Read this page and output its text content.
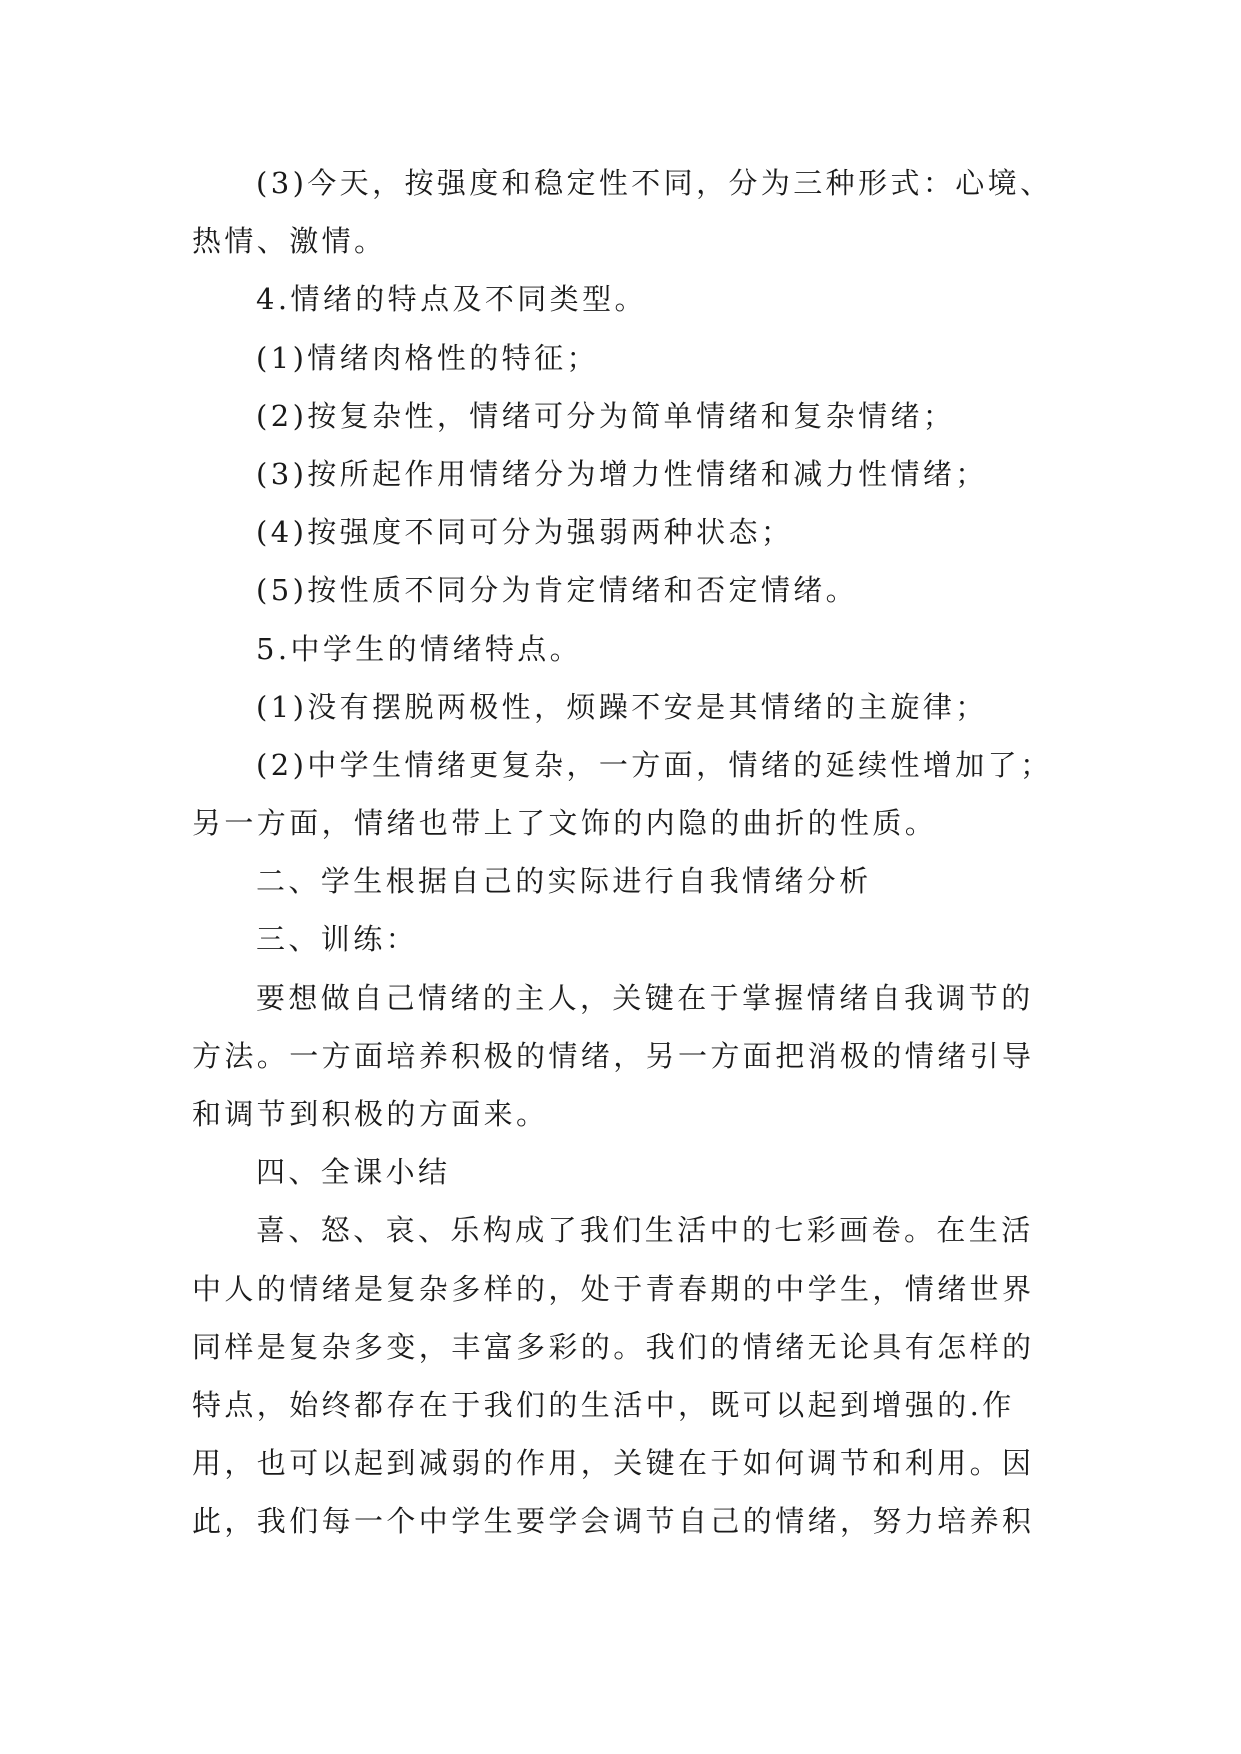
(3)今天，按强度和稳定性不同，分为三种形式：心境、
热情、激情。
4.情绪的特点及不同类型。
(1)情绪肉格性的特征；
(2)按复杂性，情绪可分为简单情绪和复杂情绪；
(3)按所起作用情绪分为增力性情绪和减力性情绪；
(4)按强度不同可分为强弱两种状态；
(5)按性质不同分为肯定情绪和否定情绪。
5.中学生的情绪特点。
(1)没有摆脱两极性，烦躁不安是其情绪的主旋律；
(2)中学生情绪更复杂，一方面，情绪的延续性增加了；
另一方面，情绪也带上了文饰的内隐的曲折的性质。
二、学生根据自己的实际进行自我情绪分析
三、训练：
要想做自己情绪的主人，关键在于掌握情绪自我调节的
方法。一方面培养积极的情绪，另一方面把消极的情绪引导
和调节到积极的方面来。
四、全课小结
喜、怒、哀、乐构成了我们生活中的七彩画卷。在生活
中人的情绪是复杂多样的，处于青春期的中学生，情绪世界
同样是复杂多变，丰富多彩的。我们的情绪无论具有怎样的
特点，始终都存在于我们的生活中，既可以起到增强的.作
用，也可以起到减弱的作用，关键在于如何调节和利用。因
此，我们每一个中学生要学会调节自己的情绪，努力培养积
